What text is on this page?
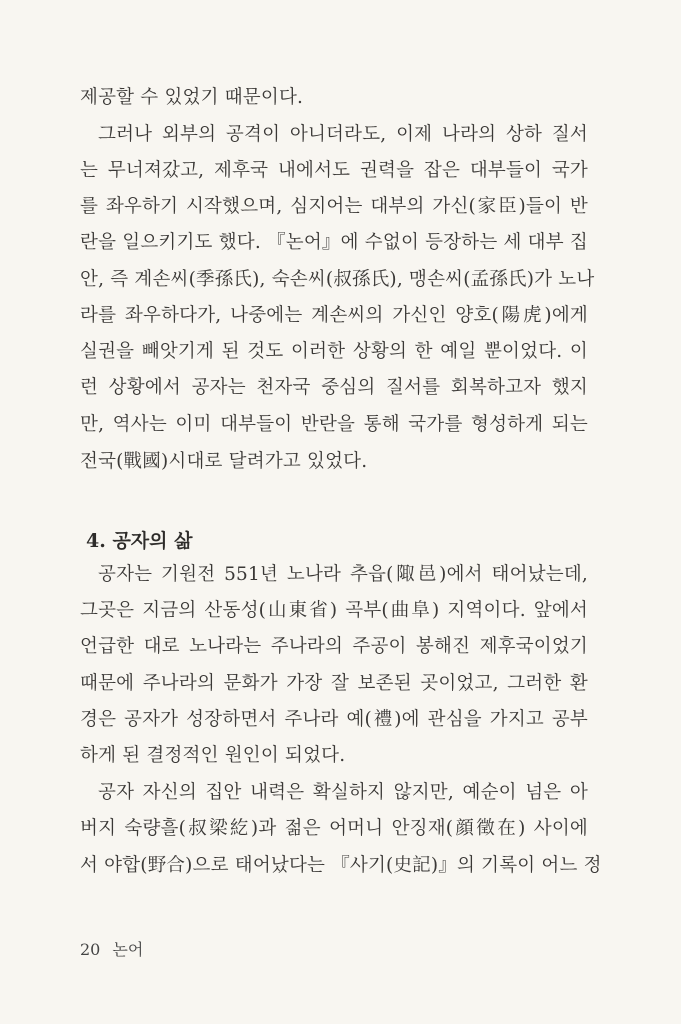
제공할 수 있었기 때문이다.
그러나 외부의 공격이 아니더라도, 이제 나라의 상하 질서
는 무너져갔고, 제후국 내에서도 권력을 잡은 대부들이 국가
를 좌우하기 시작했으며, 심지어는 대부의 가신(家臣)들이 반
란을 일으키기도 했다. 『논어』에 수없이 등장하는 세 대부 집
안, 즉 계손씨(季孫氏), 숙손씨(叔孫氏), 맹손씨(孟孫氏)가 노나
라를 좌우하다가, 나중에는 계손씨의 가신인 양호(陽虎)에게
실권을 빼앗기게 된 것도 이러한 상황의 한 예일 뿐이었다. 이
런 상황에서 공자는 천자국 중심의 질서를 회복하고자 했지
만, 역사는 이미 대부들이 반란을 통해 국가를 형성하게 되는
전국(戰國)시대로 달려가고 있었다.
4. 공자의 삶
공자는 기원전 551년 노나라 추읍(陬邑)에서 태어났는데,
그곳은 지금의 산동성(山東省) 곡부(曲阜) 지역이다. 앞에서
언급한 대로 노나라는 주나라의 주공이 봉해진 제후국이었기
때문에 주나라의 문화가 가장 잘 보존된 곳이었고, 그러한 환
경은 공자가 성장하면서 주나라 예(禮)에 관심을 가지고 공부
하게 된 결정적인 원인이 되었다.
공자 자신의 집안 내력은 확실하지 않지만, 예순이 넘은 아
버지 숙량흘(叔梁紇)과 젊은 어머니 안징재(顔徵在) 사이에
서 야합(野合)으로 태어났다는 『사기(史記)』의 기록이 어느 정
20 논어
